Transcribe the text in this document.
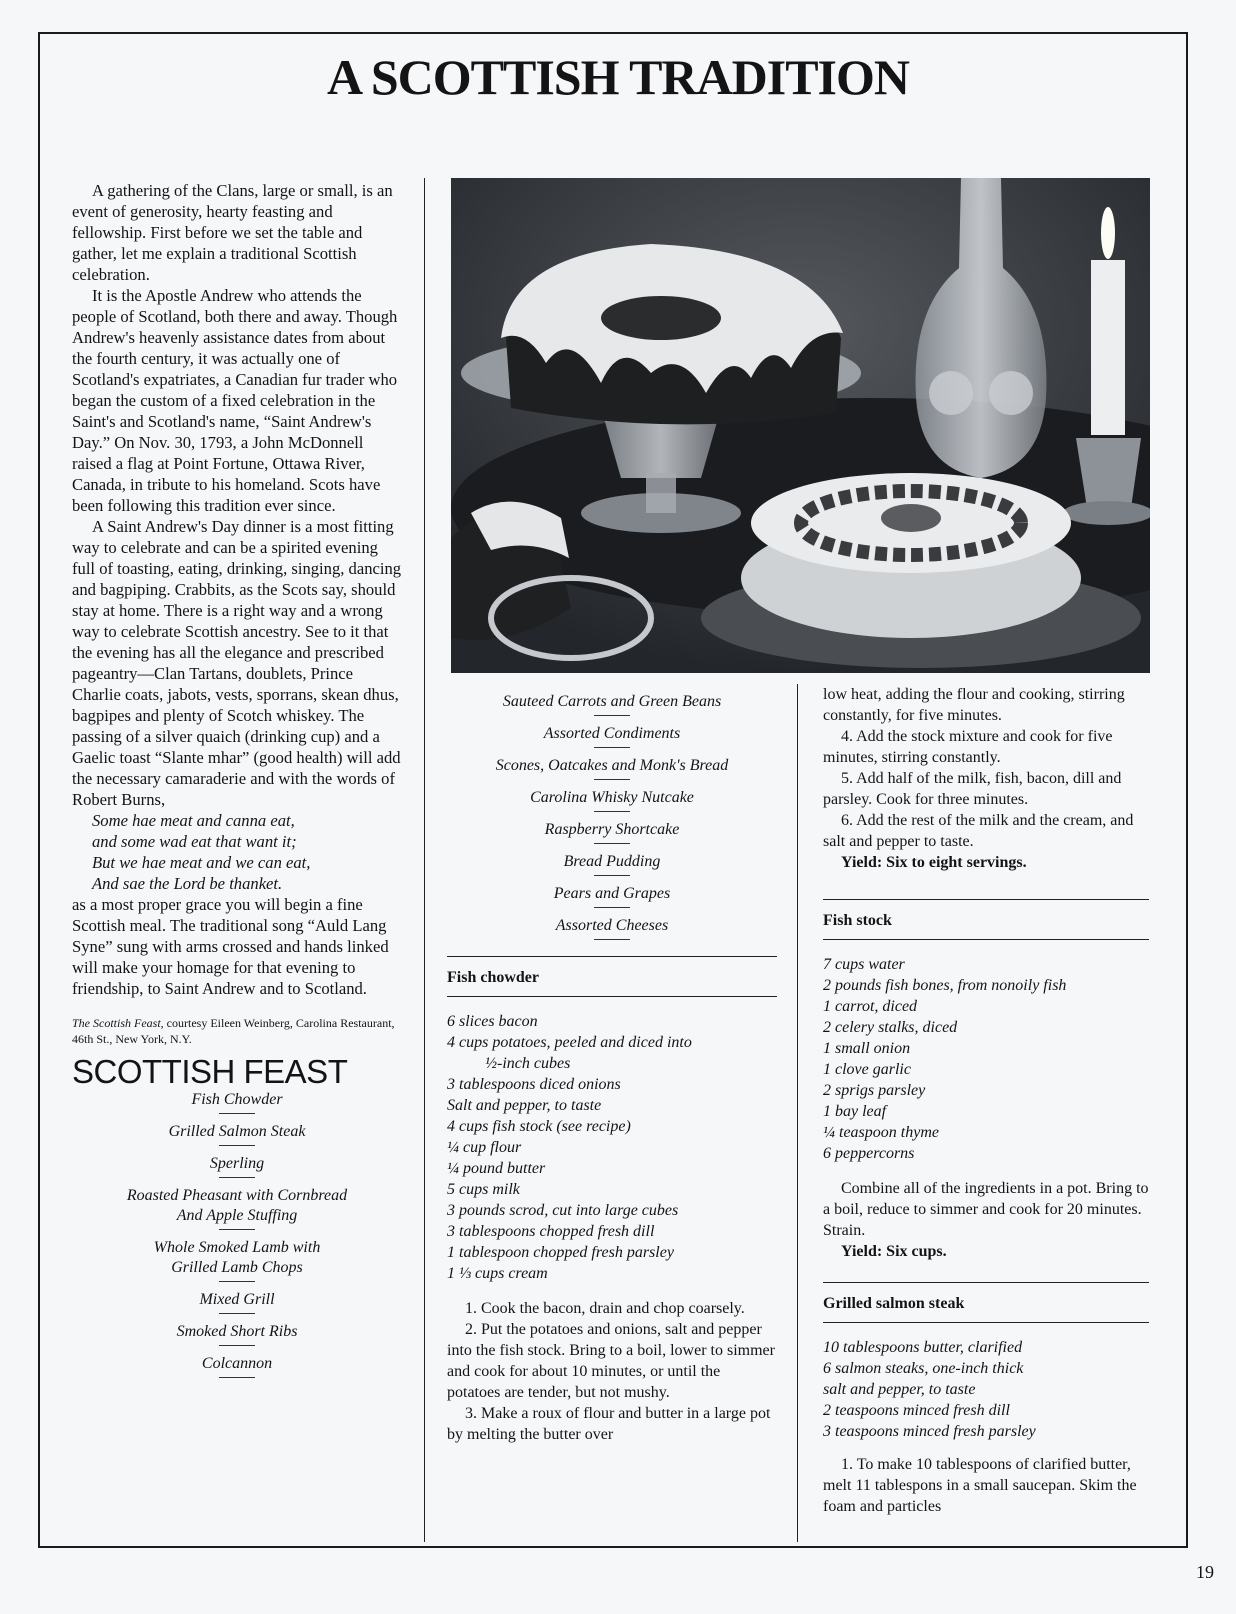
A SCOTTISH TRADITION

A gathering of the Clans, large or small, is an event of generosity, hearty feasting and fellowship. First before we set the table and gather, let me explain a traditional Scottish celebration.

It is the Apostle Andrew who attends the people of Scotland, both there and away. Though Andrew's heavenly assistance dates from about the fourth century, it was actually one of Scotland's expatriates, a Canadian fur trader who began the custom of a fixed celebration in the Saint's and Scotland's name, “Saint Andrew's Day.” On Nov. 30, 1793, a John McDonnell raised a flag at Point Fortune, Ottawa River, Canada, in tribute to his homeland. Scots have been following this tradition ever since.

A Saint Andrew's Day dinner is a most fitting way to celebrate and can be a spirited evening full of toasting, eating, drinking, singing, dancing and bagpiping. Crabbits, as the Scots say, should stay at home. There is a right way and a wrong way to celebrate Scottish ancestry. See to it that the evening has all the elegance and prescribed pageantry—Clan Tartans, doublets, Prince Charlie coats, jabots, vests, sporrans, skean dhus, bagpipes and plenty of Scotch whiskey. The passing of a silver quaich (drinking cup) and a Gaelic toast “Slante mhar” (good health) will add the necessary camaraderie and with the words of Robert Burns,

Some hae meat and canna eat,
and some wad eat that want it;
But we hae meat and we can eat,
And sae the Lord be thanket.

as a most proper grace you will begin a fine Scottish meal. The traditional song “Auld Lang Syne” sung with arms crossed and hands linked will make your homage for that evening to friendship, to Saint Andrew and to Scotland.

The Scottish Feast, courtesy Eileen Weinberg, Carolina Restaurant, 46th St., New York, N.Y.
SCOTTISH FEAST
Fish Chowder
Grilled Salmon Steak
Sperling
Roasted Pheasant with Cornbread
And Apple Stuffing
Whole Smoked Lamb with
Grilled Lamb Chops
Mixed Grill
Smoked Short Ribs
Colcannon
Sauteed Carrots and Green Beans
Assorted Condiments
Scones, Oatcakes and Monk's Bread
Carolina Whisky Nutcake
Raspberry Shortcake
Bread Pudding
Pears and Grapes
Assorted Cheeses
Fish chowder
6 slices bacon
4 cups potatoes, peeled and diced into
½-inch cubes
3 tablespoons diced onions
Salt and pepper, to taste
4 cups fish stock (see recipe)
¼ cup flour
¼ pound butter
5 cups milk
3 pounds scrod, cut into large cubes
3 tablespoons chopped fresh dill
1 tablespoon chopped fresh parsley
1 ⅓ cups cream

1. Cook the bacon, drain and chop coarsely.

2. Put the potatoes and onions, salt and pepper into the fish stock. Bring to a boil, lower to simmer and cook for about 10 minutes, or until the potatoes are tender, but not mushy.

3. Make a roux of flour and butter in a large pot by melting the butter over

low heat, adding the flour and cooking, stirring constantly, for five minutes.

4. Add the stock mixture and cook for five minutes, stirring constantly.

5. Add half of the milk, fish, bacon, dill and parsley. Cook for three minutes.

6. Add the rest of the milk and the cream, and salt and pepper to taste.

Yield: Six to eight servings.
Fish stock
7 cups water
2 pounds fish bones, from nonoily fish
1 carrot, diced
2 celery stalks, diced
1 small onion
1 clove garlic
2 sprigs parsley
1 bay leaf
¼ teaspoon thyme
6 peppercorns

Combine all of the ingredients in a pot. Bring to a boil, reduce to simmer and cook for 20 minutes. Strain.

Yield: Six cups.
Grilled salmon steak
10 tablespoons butter, clarified
6 salmon steaks, one-inch thick
salt and pepper, to taste
2 teaspoons minced fresh dill
3 teaspoons minced fresh parsley

1. To make 10 tablespoons of clarified butter, melt 11 tablespons in a small saucepan. Skim the foam and particles

19
